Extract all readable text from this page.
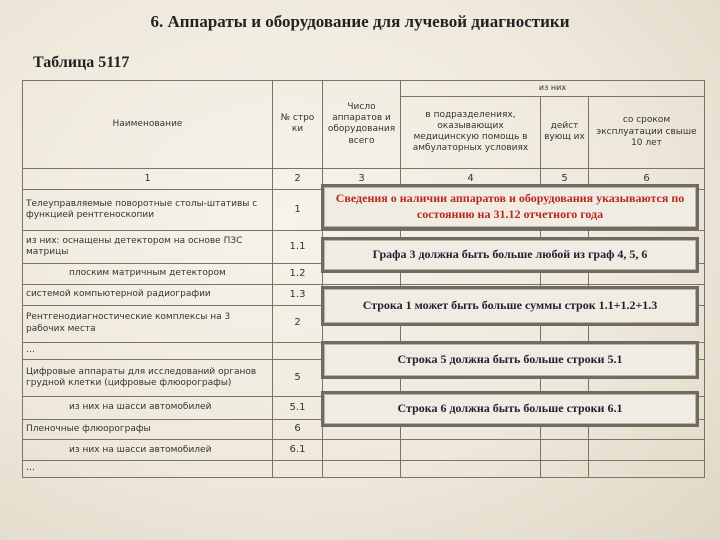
6. Аппараты и оборудование для лучевой диагностики
Таблица 5117
Наименование	№ стро ки	Число аппаратов и оборудования всего	из них		
			в подразделениях, оказывающих медицинскую помощь в амбулаторных условиях	дейст вующ их	со сроком эксплуатации свыше 10 лет
1	2	3	4	5	6
Телеуправляемые поворотные столы-штативы с функцией рентгеноскопии	1				
из них: оснащены детектором на основе ПЗС матрицы	1.1				
плоским матричным детектором	1.2				
системой компьютерной радиографии	1.3				
Рентгенодиагностические комплексы на 3 рабочих места	2				
…					
Цифровые аппараты для исследований органов грудной клетки (цифровые флюорографы)	5				
из них на шасси автомобилей	5.1				
Пленочные флюорографы	6				
из них на шасси автомобилей	6.1				
…					
Сведения о наличии аппаратов и оборудования указываются по состоянию на 31.12 отчетного года
Графа 3 должна быть больше любой из граф 4, 5, 6
Строка 1 может быть больше суммы строк 1.1+1.2+1.3
Строка 5 должна быть больше строки 5.1
Строка 6 должна быть больше строки 6.1
